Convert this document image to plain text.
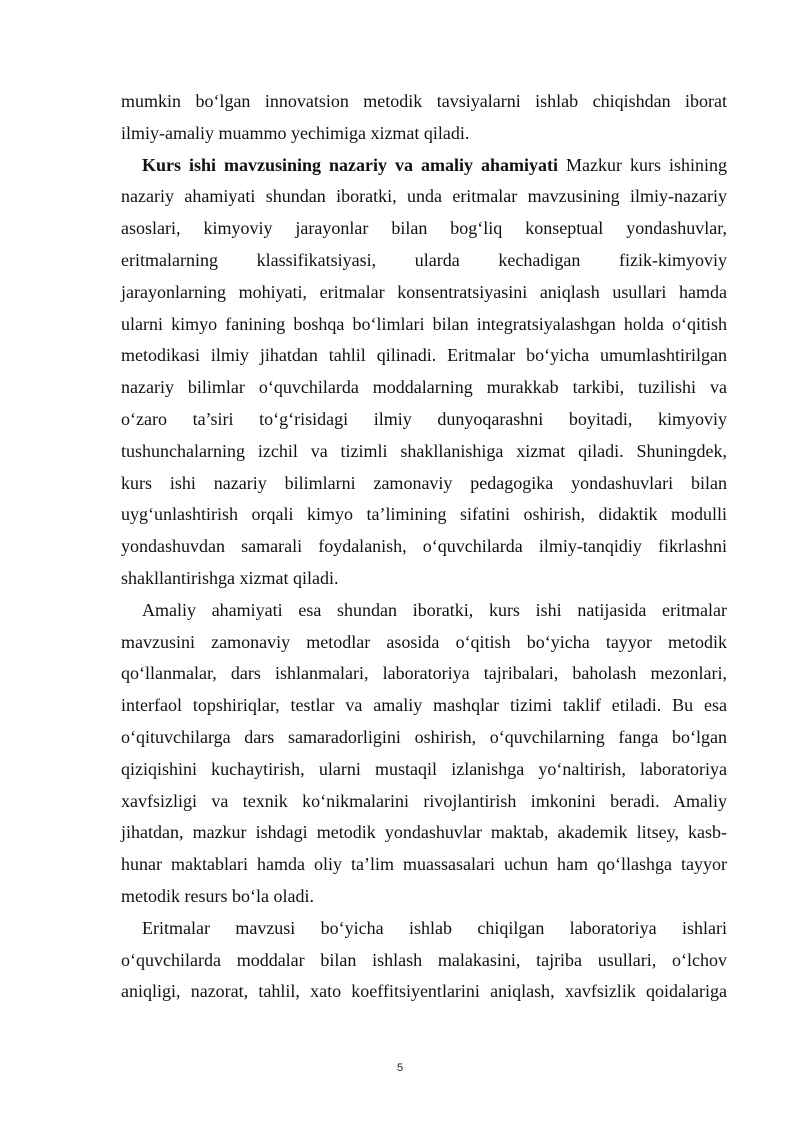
mumkin bo‘lgan innovatsion metodik tavsiyalarni ishlab chiqishdan iborat
ilmiy-amaliy muammo yechimiga xizmat qiladi.
Kurs ishi mavzusining nazariy va amaliy ahamiyati Mazkur kurs ishining
nazariy ahamiyati shundan iboratki, unda eritmalar mavzusining ilmiy-nazariy
asoslari, kimyoviy jarayonlar bilan bog‘liq konseptual yondashuvlar,
eritmalarning klassifikatsiyasi, ularda kechadigan fizik-kimyoviy
jarayonlarning mohiyati, eritmalar konsentratsiyasini aniqlash usullari hamda
ularni kimyo fanining boshqa bo‘limlari bilan integratsiyalashgan holda o‘qitish
metodikasi ilmiy jihatdan tahlil qilinadi. Eritmalar bo‘yicha umumlashtirilgan
nazariy bilimlar o‘quvchilarda moddalarning murakkab tarkibi, tuzilishi va
o‘zaro ta’siri to‘g‘risidagi ilmiy dunyoqarashni boyitadi, kimyoviy
tushunchalarning izchil va tizimli shakllanishiga xizmat qiladi. Shuningdek,
kurs ishi nazariy bilimlarni zamonaviy pedagogika yondashuvlari bilan
uyg‘unlashtirish orqali kimyo ta’limining sifatini oshirish, didaktik modulli
yondashuvdan samarali foydalanish, o‘quvchilarda ilmiy-tanqidiy fikrlashni
shakllantirishga xizmat qiladi.
Amaliy ahamiyati esa shundan iboratki, kurs ishi natijasida eritmalar
mavzusini zamonaviy metodlar asosida o‘qitish bo‘yicha tayyor metodik
qo‘llanmalar, dars ishlanmalari, laboratoriya tajribalari, baholash mezonlari,
interfaol topshiriqlar, testlar va amaliy mashqlar tizimi taklif etiladi. Bu esa
o‘qituvchilarga dars samaradorligini oshirish, o‘quvchilarning fanga bo‘lgan
qiziqishini kuchaytirish, ularni mustaqil izlanishga yo‘naltirish, laboratoriya
xavfsizligi va texnik ko‘nikmalarini rivojlantirish imkonini beradi. Amaliy
jihatdan, mazkur ishdagi metodik yondashuvlar maktab, akademik litsey, kasb-
hunar maktablari hamda oliy ta’lim muassasalari uchun ham qo‘llashga tayyor
metodik resurs bo‘la oladi.
Eritmalar mavzusi bo‘yicha ishlab chiqilgan laboratoriya ishlari
o‘quvchilarda moddalar bilan ishlash malakasini, tajriba usullari, o‘lchov
aniqligi, nazorat, tahlil, xato koeffitsiyentlarini aniqlash, xavfsizlik qoidalariga
5
